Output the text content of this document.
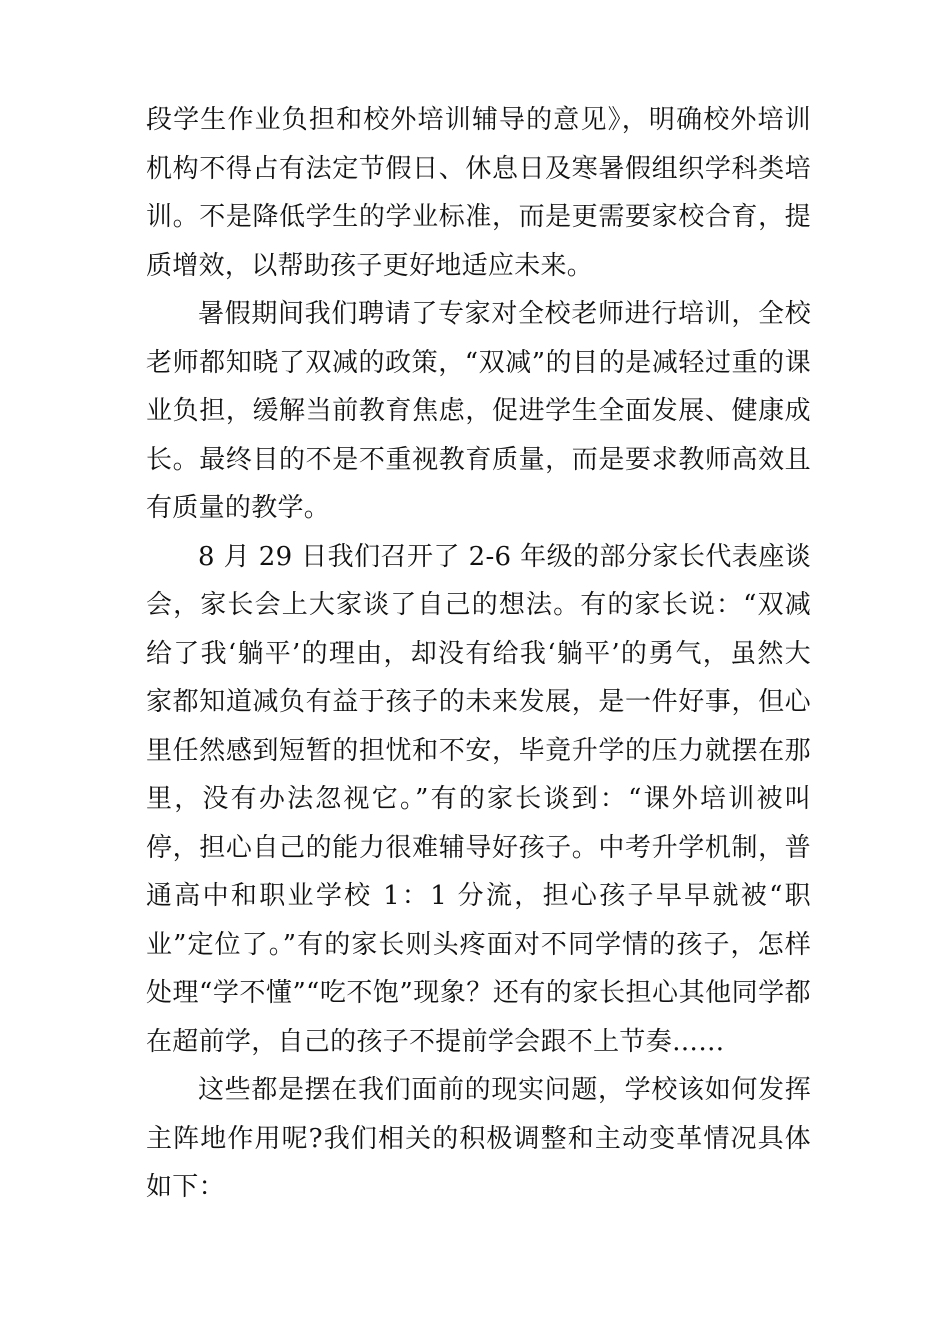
段学生作业负担和校外培训辅导的意见》，明确校外培训机构不得占有法定节假日、休息日及寒暑假组织学科类培训。不是降低学生的学业标准，而是更需要家校合育，提质增效，以帮助孩子更好地适应未来。

暑假期间我们聘请了专家对全校老师进行培训，全校老师都知晓了双减的政策，“双减”的目的是减轻过重的课业负担，缓解当前教育焦虑，促进学生全面发展、健康成长。最终目的不是不重视教育质量，而是要求教师高效且有质量的教学。

8 月 29 日我们召开了 2-6 年级的部分家长代表座谈会，家长会上大家谈了自己的想法。有的家长说：“双减给了我‘躺平’的理由，却没有给我‘躺平’的勇气，虽然大家都知道减负有益于孩子的未来发展，是一件好事，但心里任然感到短暂的担忧和不安，毕竟升学的压力就摆在那里，没有办法忽视它。”有的家长谈到：“课外培训被叫停，担心自己的能力很难辅导好孩子。中考升学机制，普通高中和职业学校 1：1 分流，担心孩子早早就被“职业”定位了。”有的家长则头疼面对不同学情的孩子，怎样处理“学不懂”“吃不饱”现象？还有的家长担心其他同学都在超前学，自己的孩子不提前学会跟不上节奏……

这些都是摆在我们面前的现实问题，学校该如何发挥主阵地作用呢?我们相关的积极调整和主动变革情况具体如下：
